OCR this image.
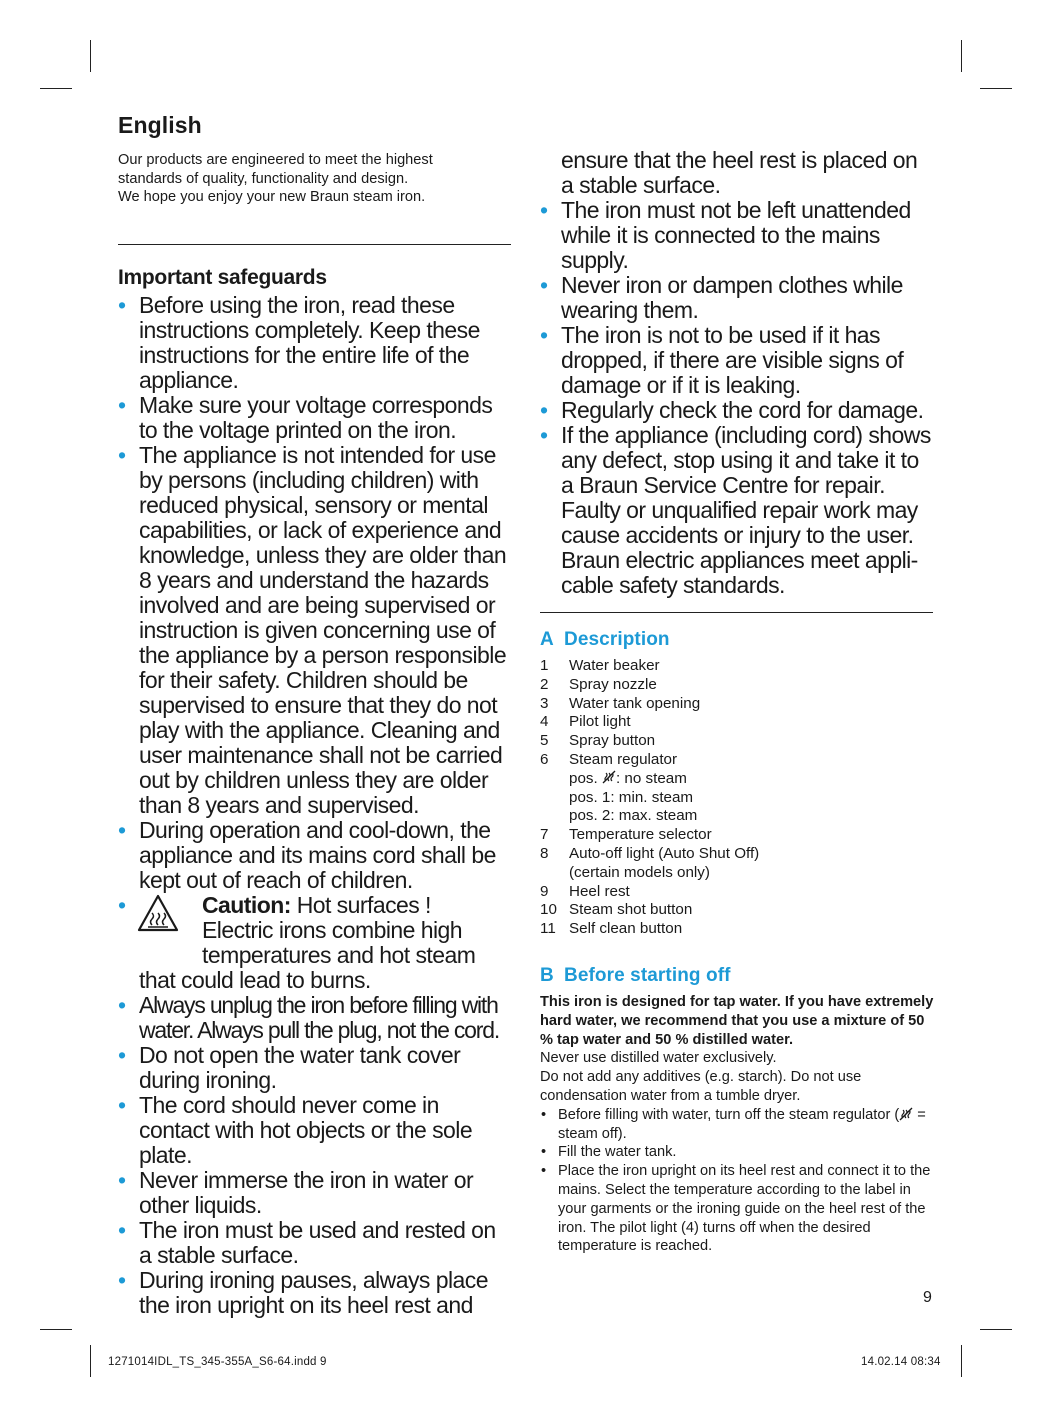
English

Our products are engineered to meet the highest
standards of quality, functionality and design.
We hope you enjoy your new Braun steam iron.

Important safeguards
• Before using the iron, read these instructions completely. Keep these instructions for the entire life of the appliance.
• Make sure your voltage corresponds to the voltage printed on the iron.
• The appliance is not intended for use by persons (including children) with reduced physical, sensory or mental capabilities, or lack of experience and knowledge, unless they are older than 8 years and understand the hazards involved and are being supervised or instruction is given concerning use of the appliance by a person responsible for their safety. Children should be supervised to ensure that they do not play with the appliance. Cleaning and user maintenance shall not be carried out by children unless they are older than 8 years and supervised.
• During operation and cool-down, the appliance and its mains cord shall be kept out of reach of children.
•	Caution: Hot surfaces !
Electric irons combine high
temperatures and hot steam
that could lead to burns.
• Always unplug the iron before filling with water. Always pull the plug, not the cord.
• Do not open the water tank cover during ironing.
• The cord should never come in contact with hot objects or the sole plate.
• Never immerse the iron in water or other liquids.
• The iron must be used and rested on a stable surface.
• During ironing pauses, always place the iron upright on its heel rest and

ensure that the heel rest is placed on a stable surface.

• The iron must not be left unattended while it is connected to the mains supply.
• Never iron or dampen clothes while wearing them.
• The iron is not to be used if it has dropped, if there are visible signs of damage or if it is leaking.
• Regularly check the cord for damage.
• If the appliance (including cord) shows any defect, stop using it and take it to a Braun Service Centre for repair. Faulty or unqualified repair work may cause accidents or injury to the user. Braun electric appliances meet appli-cable safety standards.
A Description
1	Water beaker
2	Spray nozzle
3	Water tank opening
4	Pilot light
5	Spray button
6	Steam regulator
pos.
: no steam
pos. 1: min. steam
pos. 2: max. steam
7	Temperature selector
8	Auto-off light (Auto Shut Off)
(certain models only)
9	Heel rest
10 Steam shot button
11 Self clean button
B Before starting off

This iron is designed for tap water. If you have extremely hard water, we recommend that you use a mixture of 50 % tap water and 50 % distilled water.

Never use distilled water exclusively.

Do not add any additives (e.g. starch). Do not use condensation water from a tumble dryer.

• Before filling with water, turn off the steam regulator ( = steam off).
• Fill the water tank.
• Place the iron upright on its heel rest and connect it to the mains. Select the temperature according to the label in your garments or the ironing guide on the heel rest of the iron. The pilot light (4) turns off when the desired temperature is reached.
9
1271014IDL_TS_345-355A_S6-64.indd 9	14.02.14 08:34
